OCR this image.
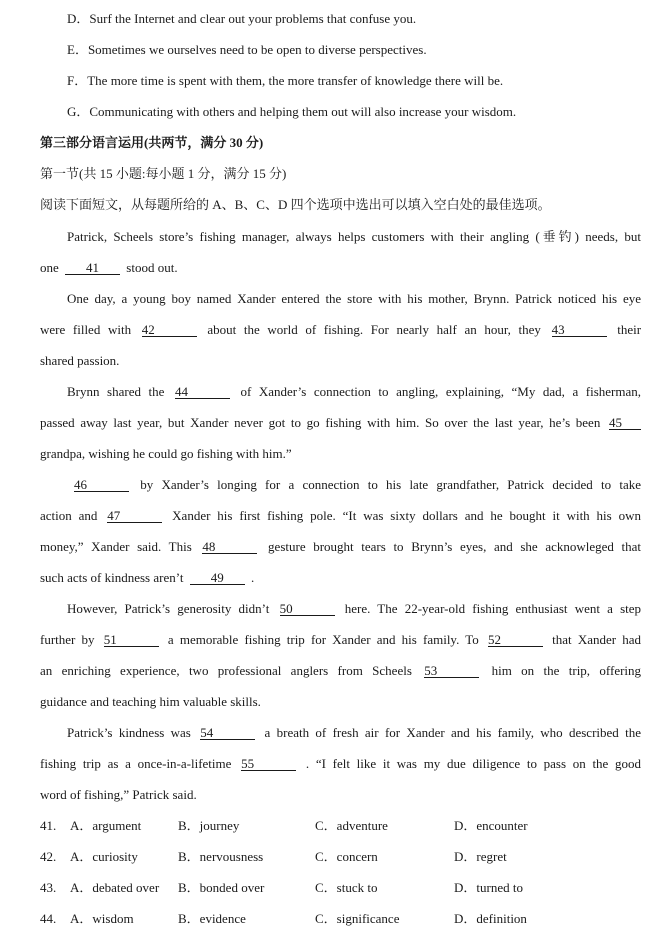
D．Surf the Internet and clear out your problems that confuse you.
E．Sometimes we ourselves need to be open to diverse perspectives.
F．The more time is spent with them, the more transfer of knowledge there will be.
G．Communicating with others and helping them out will also increase your wisdom.
第三部分语言运用(共两节，满分 30 分)
第一节(共 15 小题:每小题 1 分，满分 15 分)
阅读下面短文，从每题所给的 A、B、C、D 四个选项中选出可以填入空白处的最佳选项。
Patrick, Scheels store’s fishing manager, always helps customers with their angling (垂钓) needs, but
one 41 stood out.
One day, a young boy named Xander entered the store with his mother, Brynn. Patrick noticed his eye
were filled with 42	about the world of fishing. For nearly half an hour, they 43	their
shared passion.
Brynn shared the 44	of Xander’s connection to angling, explaining, “My dad, a fisherman,
passed away last year, but Xander never got to go fishing with him. So over the last year, he’s been 45
grandpa, wishing he could go fishing with him.”
46	by Xander’s longing for a connection to his late grandfather, Patrick decided to take
action and 47	Xander his first fishing pole. “It was sixty dollars and he bought it with his own
money,” Xander said. This 48	gesture brought tears to Brynn’s eyes, and she acknowleged that
such acts of kindness aren’t 49 .
However, Patrick’s generosity didn’t 50	here. The 22-year-old fishing enthusiast went a step
further by 51	a memorable fishing trip for Xander and his family. To 52	that Xander had
an enriching experience, two professional anglers from Scheels 53	him on the trip, offering
guidance and teaching him valuable skills.
Patrick’s kindness was 54	a breath of fresh air for Xander and his family, who described the
fishing trip as a once-in-a-lifetime 55	. “I felt like it was my due diligence to pass on the good
word of fishing,” Patrick said.
41. A．argument	B．journey	C．adventure	D．encounter
42. A．curiosity	B．nervousness	C．concern	D．regret
43. A．debated over B．bonded over	C．stuck to	D．turned to
44. A．wisdom	B．evidence	C．significance	D．definition
